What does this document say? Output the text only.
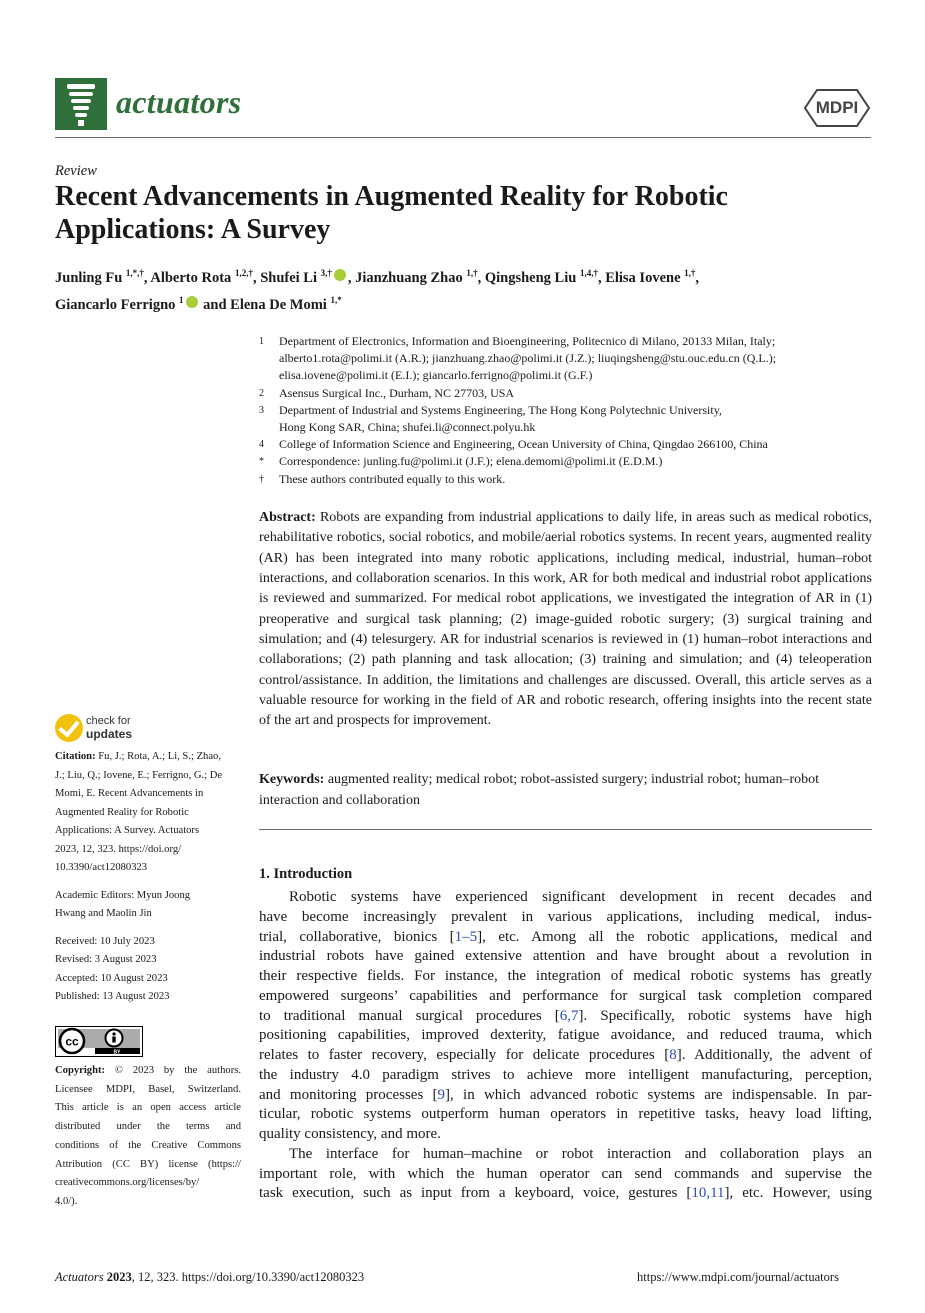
actuators	MDPI
Review
Recent Advancements in Augmented Reality for Robotic
Applications: A Survey
Junling Fu $^{1,*,\dagger}$, Alberto Rota $^{1,2,\dagger}$, Shufei Li $^{3,\dagger}$ , Jianzhuang Zhao $^{1,\dagger}$, Qingsheng Liu $^{1,4,\dagger}$, Elisa Iovene $^{1,\dagger}$,
Giancarlo Ferrigno $^1$ and Elena De Momi $^{1,*}$
1	Department of Electronics, Information and Bioengineering, Politecnico di Milano, 20133 Milan, Italy;
alberto1.rota@polimi.it (A.R.); jianzhuang.zhao@polimi.it (J.Z.); liuqingsheng@stu.ouc.edu.cn (Q.L.);
elisa.iovene@polimi.it (E.I.); giancarlo.ferrigno@polimi.it (G.F.)
2	Asensus Surgical Inc., Durham, NC 27703, USA
3	Department of Industrial and Systems Engineering, The Hong Kong Polytechnic University,
Hong Kong SAR, China; shufei.li@connect.polyu.hk
4	College of Information Science and Engineering, Ocean University of China, Qingdao 266100, China
*	Correspondence: junling.fu@polimi.it (J.F.); elena.demomi@polimi.it (E.D.M.)
†	These authors contributed equally to this work.
Abstract: Robots are expanding from industrial applications to daily life, in areas such as medical robotics, rehabilitative robotics, social robotics, and mobile/aerial robotics systems. In recent years, augmented reality (AR) has been integrated into many robotic applications, including medical, industrial, human–robot interactions, and collaboration scenarios. In this work, AR for both medical and industrial robot applications is reviewed and summarized. For medical robot applications, we investigated the integration of AR in (1) preoperative and surgical task planning; (2) image-guided robotic surgery; (3) surgical training and simulation; and (4) telesurgery. AR for industrial scenarios is reviewed in (1) human–robot interactions and collaborations; (2) path planning and task allocation; (3) training and simulation; and (4) teleoperation control/assistance. In addition, the limitations and challenges are discussed. Overall, this article serves as a valuable resource for working in the field of AR and robotic research, offering insights into the recent state of the art and prospects for improvement.
Keywords: augmented reality; medical robot; robot-assisted surgery; industrial robot; human–robot interaction and collaboration
check for
updates
Citation: Fu, J.; Rota, A.; Li, S.; Zhao,
J.; Liu, Q.; Iovene, E.; Ferrigno, G.; De
Momi, E. Recent Advancements in
Augmented Reality for Robotic
Applications: A Survey. Actuators
2023, 12, 323. https://doi.org/
10.3390/act12080323
Academic Editors: Myun Joong
Hwang and Maolin Jin
Received: 10 July 2023
Revised: 3 August 2023
Accepted: 10 August 2023
Published: 13 August 2023
cc
BY
Copyright: © 2023 by the authors.
Licensee MDPI, Basel, Switzerland.
This article is an open access article
distributed under the terms and
conditions of the Creative Commons
Attribution (CC BY) license (https://
creativecommons.org/licenses/by/
4.0/).
1. Introduction
Robotic systems have experienced significant development in recent decades and
have become increasingly prevalent in various applications, including medical, indus-
trial, collaborative, bionics [1–5], etc. Among all the robotic applications, medical and
industrial robots have gained extensive attention and have brought about a revolution in
their respective fields. For instance, the integration of medical robotic systems has greatly
empowered surgeons’ capabilities and performance for surgical task completion compared
to traditional manual surgical procedures [6,7]. Specifically, robotic systems have high
positioning capabilities, improved dexterity, fatigue avoidance, and reduced trauma, which
relates to faster recovery, especially for delicate procedures [8]. Additionally, the advent of
the industry 4.0 paradigm strives to achieve more intelligent manufacturing, perception,
and monitoring processes [9], in which advanced robotic systems are indispensable. In par-
ticular, robotic systems outperform human operators in repetitive tasks, heavy load lifting,
quality consistency, and more.
The interface for human–machine or robot interaction and collaboration plays an
important role, with which the human operator can send commands and supervise the
task execution, such as input from a keyboard, voice, gestures [10,11], etc. However, using
Actuators 2023, 12, 323. https://doi.org/10.3390/act12080323	https://www.mdpi.com/journal/actuators
